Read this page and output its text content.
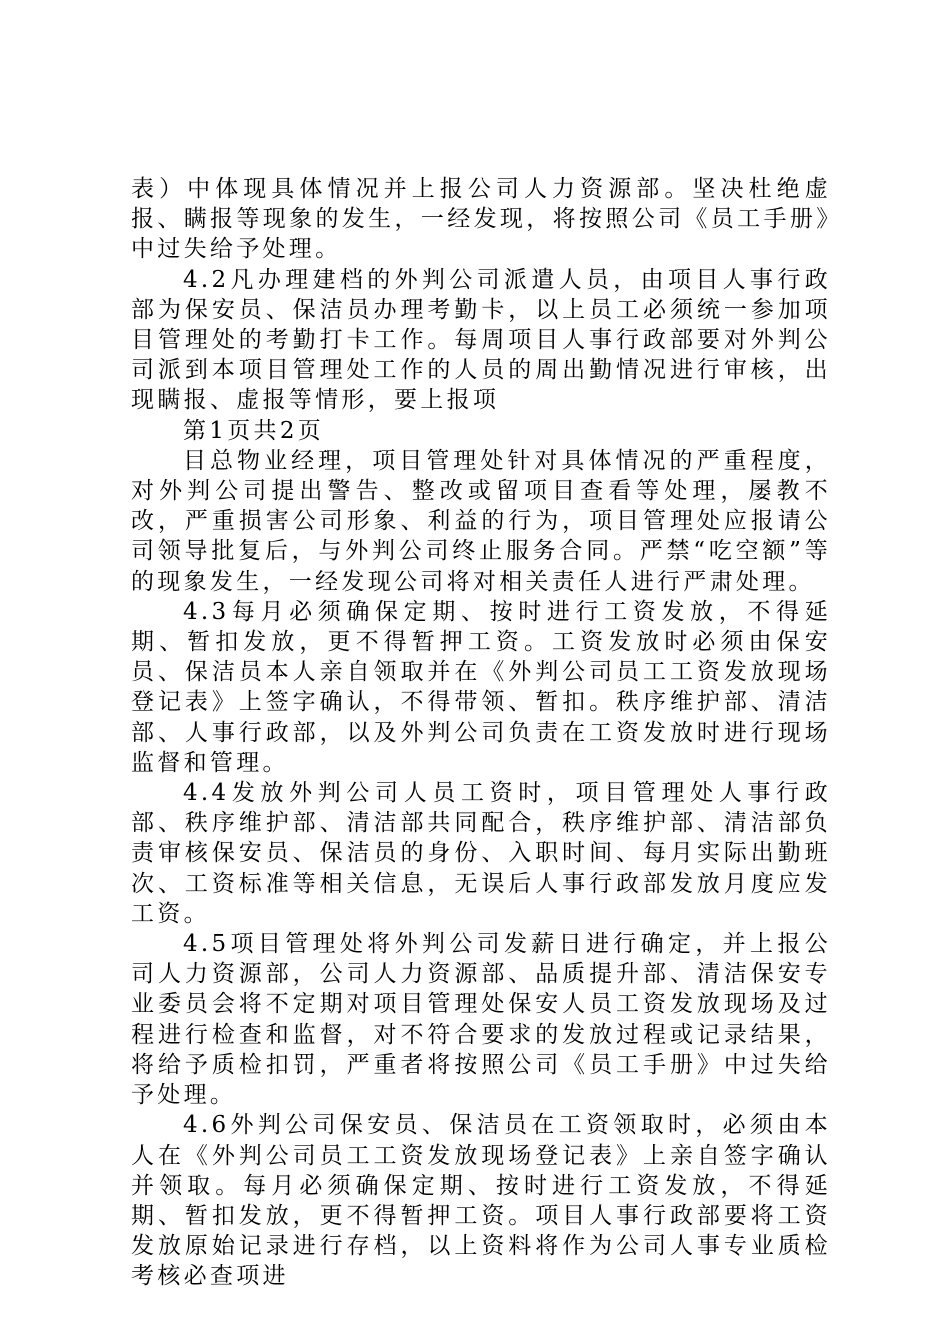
表）中体现具体情况并上报公司人力资源部。坚决杜绝虚报、瞒报等现象的发生，一经发现，将按照公司《员工手册》中过失给予处理。

4.2凡办理建档的外判公司派遣人员，由项目人事行政部为保安员、保洁员办理考勤卡，以上员工必须统一参加项目管理处的考勤打卡工作。每周项目人事行政部要对外判公司派到本项目管理处工作的人员的周出勤情况进行审核，出现瞒报、虚报等情形，要上报项

第1页共2页

目总物业经理，项目管理处针对具体情况的严重程度，对外判公司提出警告、整改或留项目查看等处理，屡教不改，严重损害公司形象、利益的行为，项目管理处应报请公司领导批复后，与外判公司终止服务合同。严禁“吃空额”等的现象发生，一经发现公司将对相关责任人进行严肃处理。

4.3每月必须确保定期、按时进行工资发放，不得延期、暂扣发放，更不得暂押工资。工资发放时必须由保安员、保洁员本人亲自领取并在《外判公司员工工资发放现场登记表》上签字确认，不得带领、暂扣。秩序维护部、清洁部、人事行政部，以及外判公司负责在工资发放时进行现场监督和管理。

4.4发放外判公司人员工资时，项目管理处人事行政部、秩序维护部、清洁部共同配合，秩序维护部、清洁部负责审核保安员、保洁员的身份、入职时间、每月实际出勤班次、工资标准等相关信息，无误后人事行政部发放月度应发工资。

4.5项目管理处将外判公司发薪日进行确定，并上报公司人力资源部，公司人力资源部、品质提升部、清洁保安专业委员会将不定期对项目管理处保安人员工资发放现场及过程进行检查和监督，对不符合要求的发放过程或记录结果，将给予质检扣罚，严重者将按照公司《员工手册》中过失给予处理。

4.6外判公司保安员、保洁员在工资领取时，必须由本人在《外判公司员工工资发放现场登记表》上亲自签字确认并领取。每月必须确保定期、按时进行工资发放，不得延期、暂扣发放，更不得暂押工资。项目人事行政部要将工资发放原始记录进行存档，以上资料将作为公司人事专业质检考核必查项进
